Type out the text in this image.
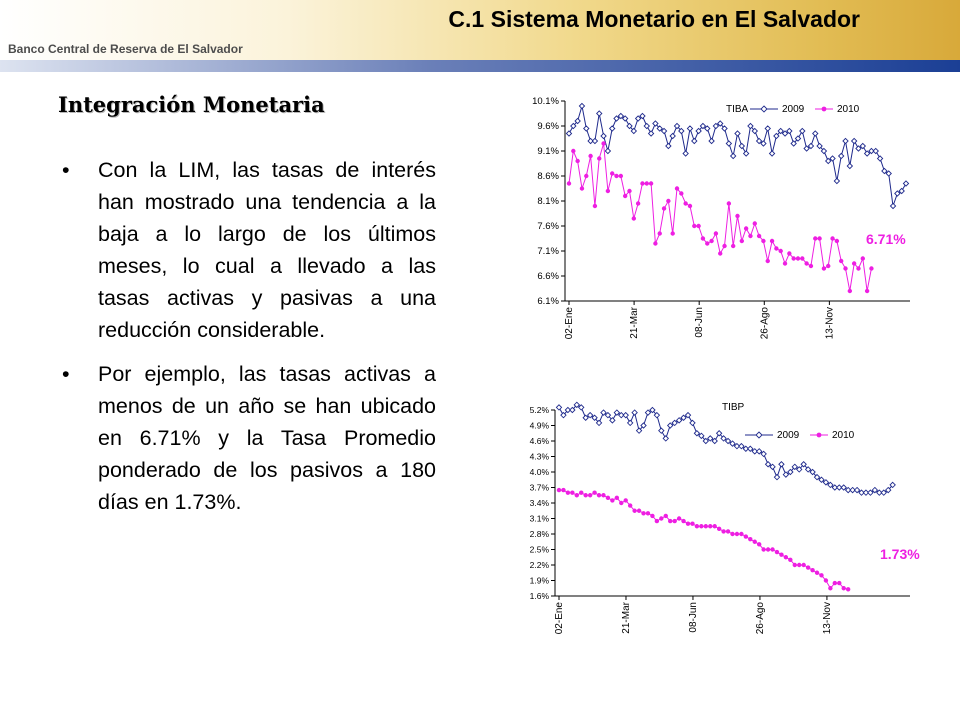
C.1 Sistema Monetario en El Salvador
Banco Central de Reserva de El Salvador
Integración Monetaria
• Con la LIM, las tasas de interés han mostrado una tendencia a la baja a lo largo de los últimos meses, lo cual a llevado a las tasas activas y pasivas a una reducción considerable.
• Por ejemplo, las tasas activas a menos de un año se han ubicado en 6.71% y la Tasa Promedio ponderado de los pasivos a 180 días en 1.73%.
10.1%
9.6%
9.1%
8.6%
8.1%
7.6%
7.1%
6.6%
6.1%
02-Ene	21-Mar	08-Jun	26-Ago	13-Nov
TIBA	2009	2010
6.71%
5.2%
4.9%
4.6%
4.3%
4.0%
3.7%
3.4%
3.1%
2.8%
2.5%
2.2%
1.9%
1.6%
02-Ene	21-Mar	08-Jun	26-Ago	13-Nov
TIBP
2009	2010
1.73%
